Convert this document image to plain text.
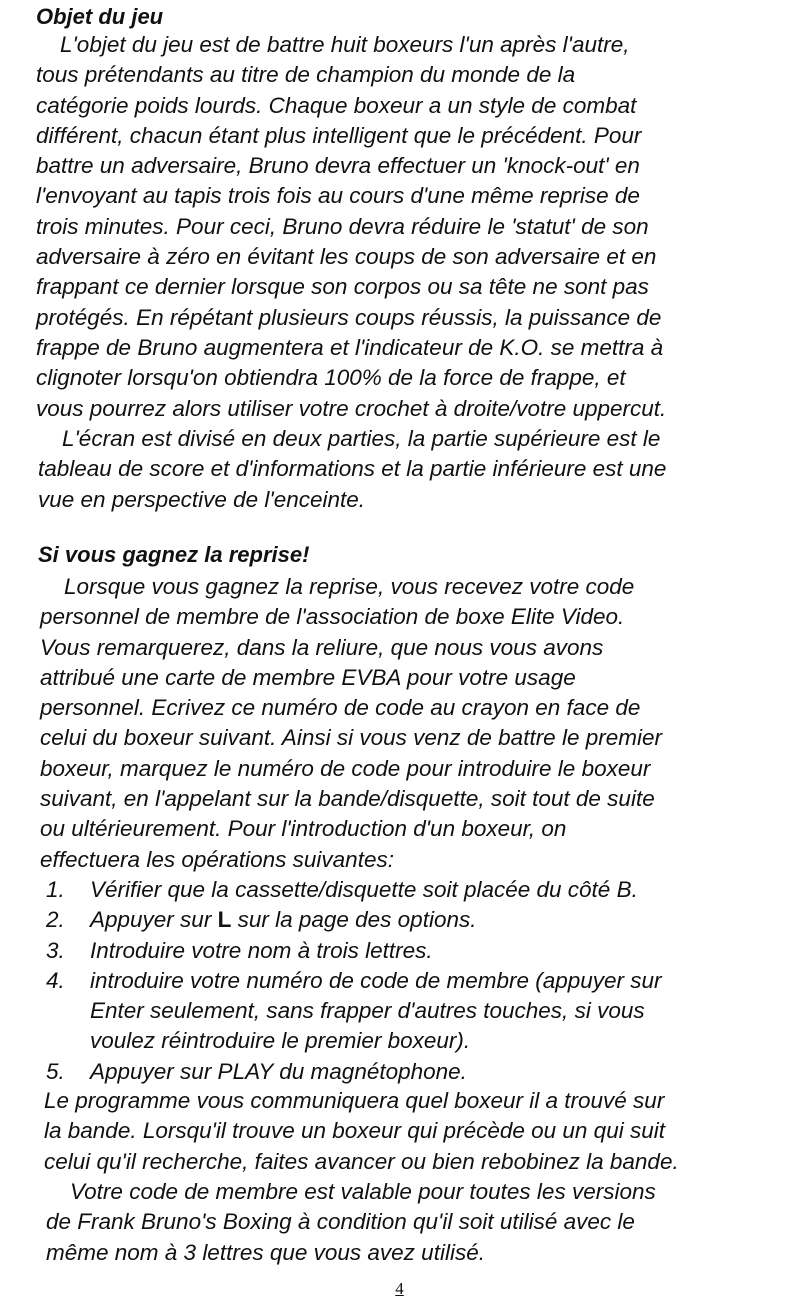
Objet du jeu

L'objet du jeu est de battre huit boxeurs l'un après l'autre,
tous prétendants au titre de champion du monde de la
catégorie poids lourds. Chaque boxeur a un style de combat
différent, chacun étant plus intelligent que le précédent. Pour
battre un adversaire, Bruno devra effectuer un 'knock-out' en
l'envoyant au tapis trois fois au cours d'une même reprise de
trois minutes. Pour ceci, Bruno devra réduire le 'statut' de son
adversaire à zéro en évitant les coups de son adversaire et en
frappant ce dernier lorsque son corpos ou sa tête ne sont pas
protégés. En répétant plusieurs coups réussis, la puissance de
frappe de Bruno augmentera et l'indicateur de K.O. se mettra à
clignoter lorsqu'on obtiendra 100% de la force de frappe, et
vous pourrez alors utiliser votre crochet à droite/votre uppercut.

L'écran est divisé en deux parties, la partie supérieure est le
tableau de score et d'informations et la partie inférieure est une
vue en perspective de l'enceinte.

Si vous gagnez la reprise!

Lorsque vous gagnez la reprise, vous recevez votre code
personnel de membre de l'association de boxe Elite Video.
Vous remarquerez, dans la reliure, que nous vous avons
attribué une carte de membre EVBA pour votre usage
personnel. Ecrivez ce numéro de code au crayon en face de
celui du boxeur suivant. Ainsi si vous venz de battre le premier
boxeur, marquez le numéro de code pour introduire le boxeur
suivant, en l'appelant sur la bande/disquette, soit tout de suite
ou ultérieurement. Pour l'introduction d'un boxeur, on
effectuera les opérations suivantes:

1. Vérifier que la cassette/disquette soit placée du côté B.
2. Appuyer sur L sur la page des options.
3. Introduire votre nom à trois lettres.
4. introduire votre numéro de code de membre (appuyer sur
Enter seulement, sans frapper d'autres touches, si vous
voulez réintroduire le premier boxeur).
5. Appuyer sur PLAY du magnétophone.

Le programme vous communiquera quel boxeur il a trouvé sur
la bande. Lorsqu'il trouve un boxeur qui précède ou un qui suit
celui qu'il recherche, faites avancer ou bien rebobinez la bande.

Votre code de membre est valable pour toutes les versions
de Frank Bruno's Boxing à condition qu'il soit utilisé avec le
même nom à 3 lettres que vous avez utilisé.

4
